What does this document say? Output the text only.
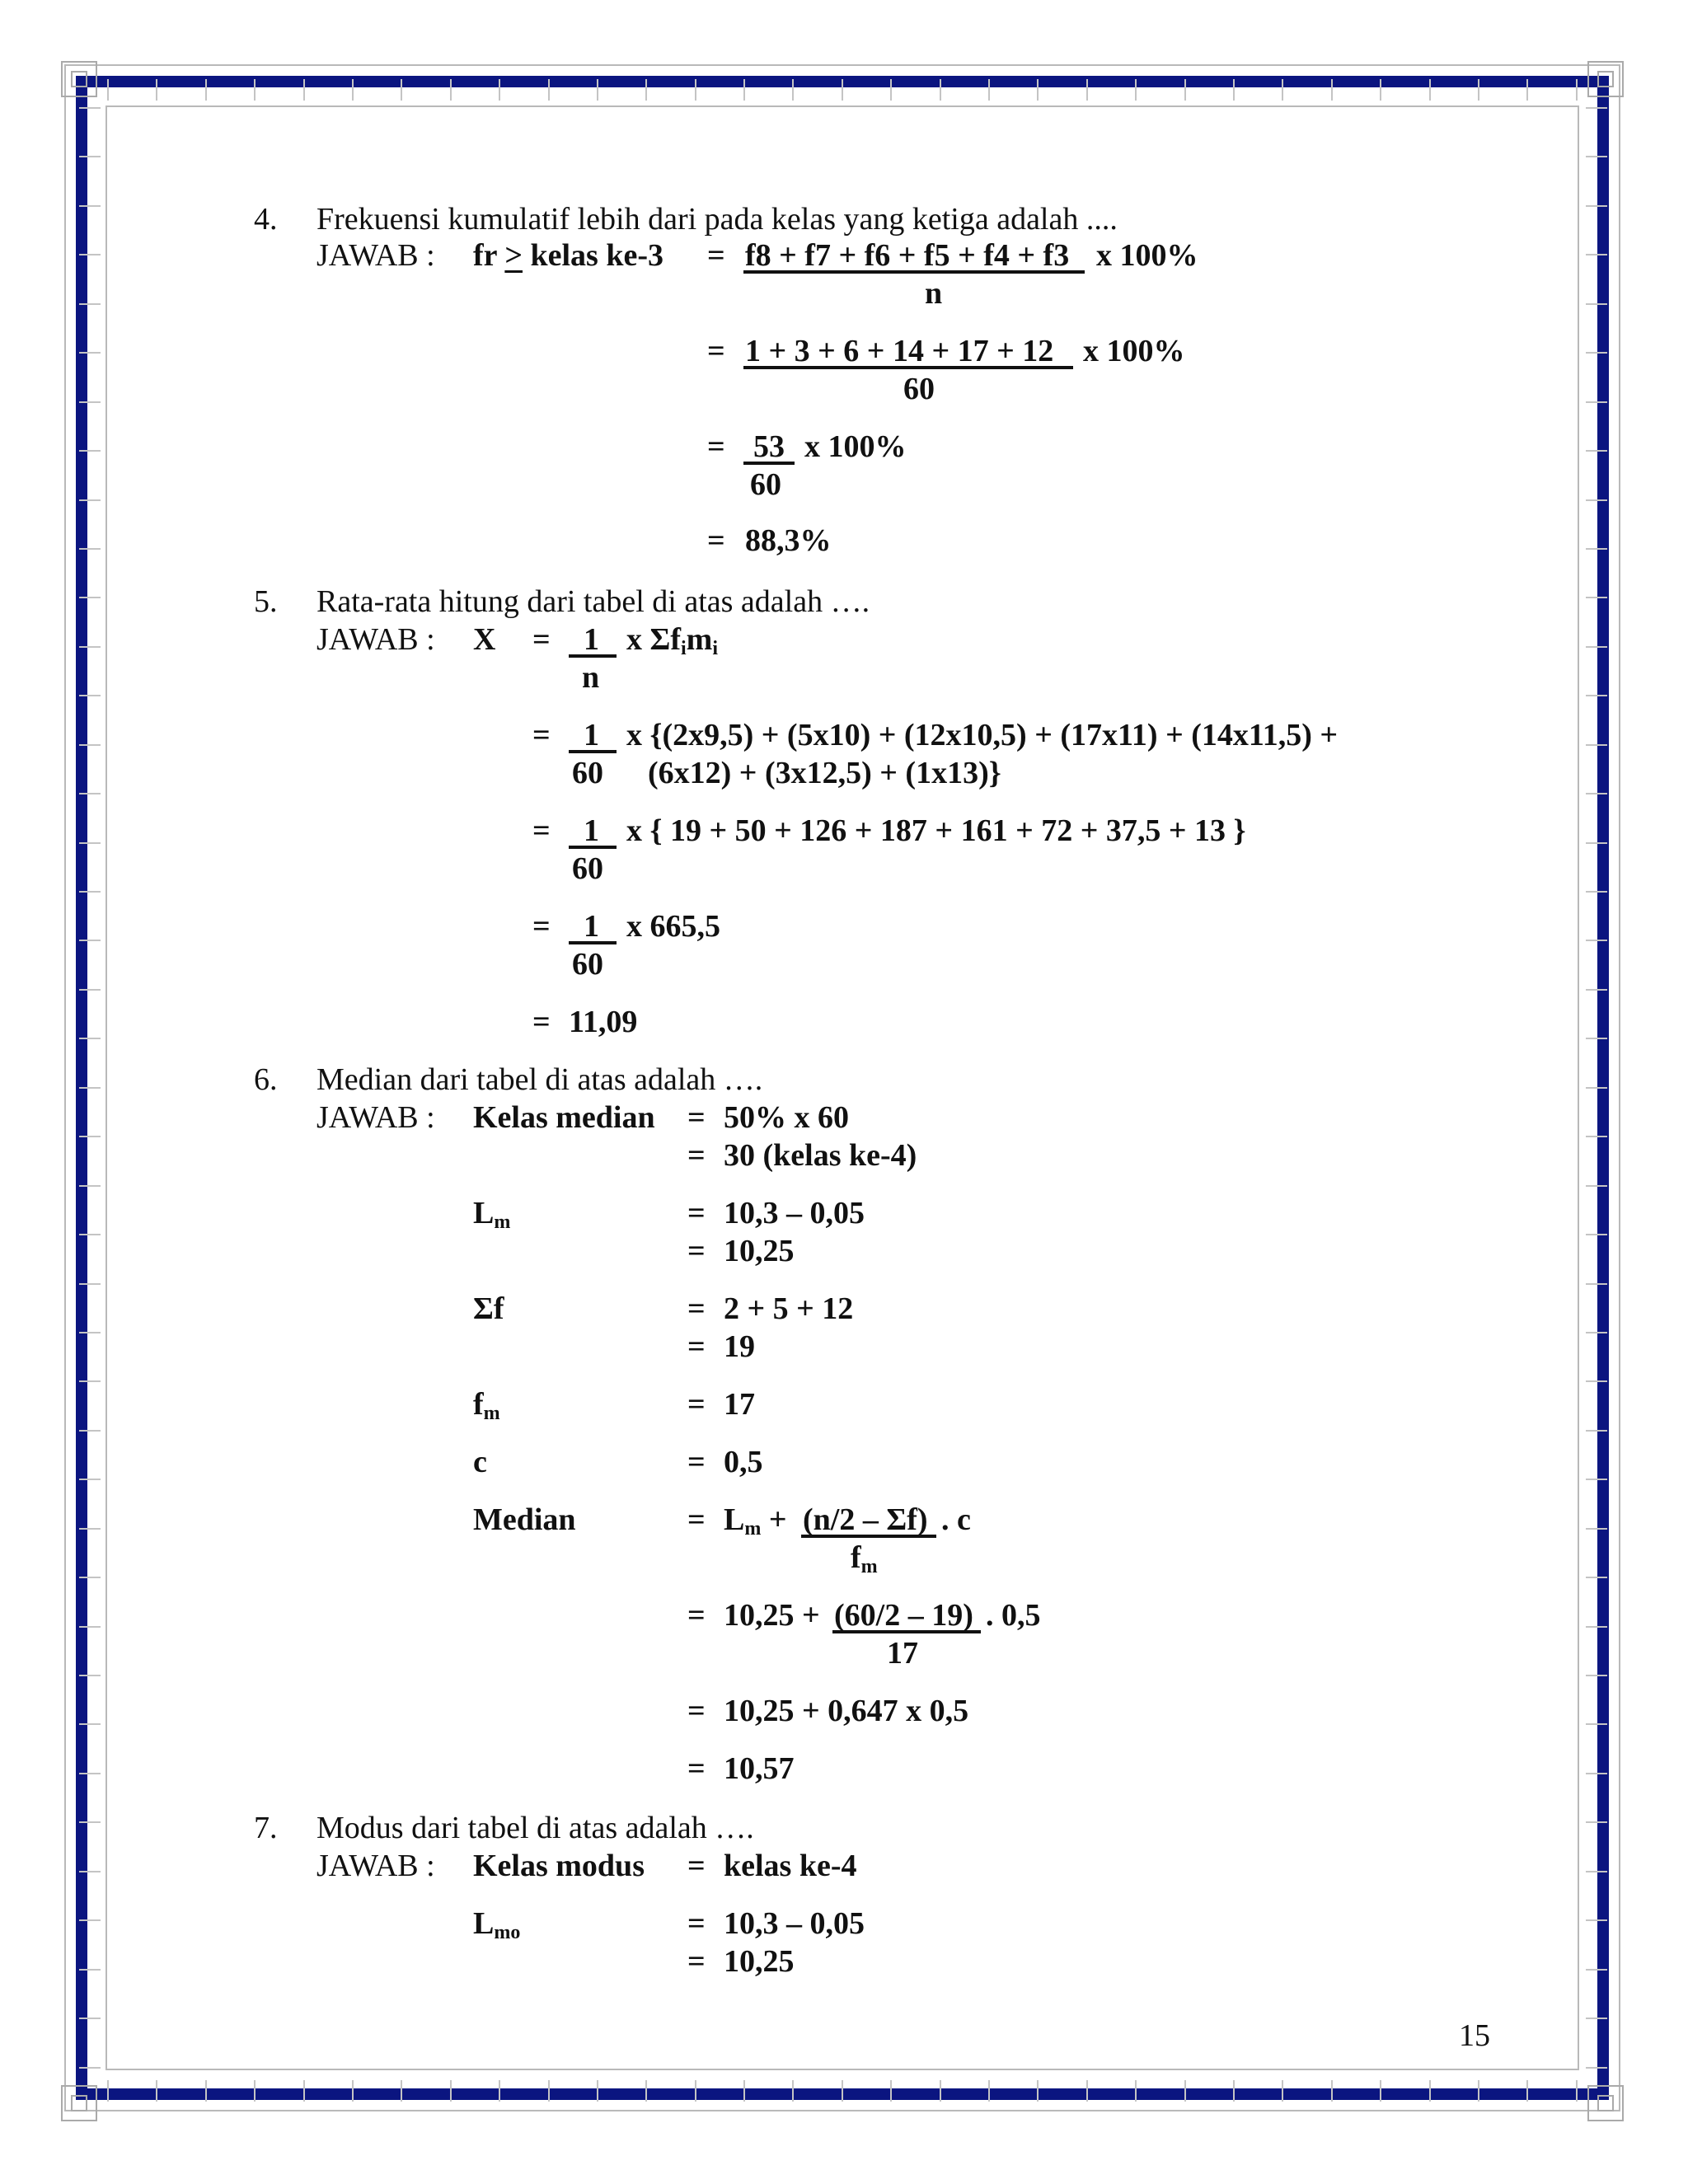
4. Frekuensi kumulatif lebih dari pada kelas yang ketiga adalah ....
JAWAB : fr > kelas ke-3 = f8 + f7 + f6 + f5 + f4 + f3 x 100%
n
= 1 + 3 + 6 + 14 + 17 + 12 x 100%
60
= 53 x 100%
60
= 88,3%
5. Rata-rata hitung dari tabel di atas adalah ….
JAWAB : X = 1
n
x $\Sigma f_im_i$
= 1
60
x {(2x9,5) + (5x10) + (12x10,5) + (17x11) + (14x11,5) +
(6x12) + (3x12,5) + (1x13)}
= 1
60
x { 19 + 50 + 126 + 187 + 161 + 72 + 37,5 + 13 }
= 1
60
x 665,5
= 11,09
6. Median dari tabel di atas adalah ….
JAWAB : Kelas median = 50% x 60
= 30 (kelas ke-4)
$L_m$	= 10,3 – 0,05
= 10,25
Σf	= 2 + 5 + 12
= 19
$f_m$	= 17
c	= 0,5
Median	= $L_m + (n/2 - \Sigma f)$ . c
$f_m$
= 10,25 + (60/2 – 19) . 0,5
17
= 10,25 + 0,647 x 0,5
= 10,57
7. Modus dari tabel di atas adalah ….
JAWAB : Kelas modus = kelas ke-4
$L_{mo}$	= 10,3 – 0,05
= 10,25
15
